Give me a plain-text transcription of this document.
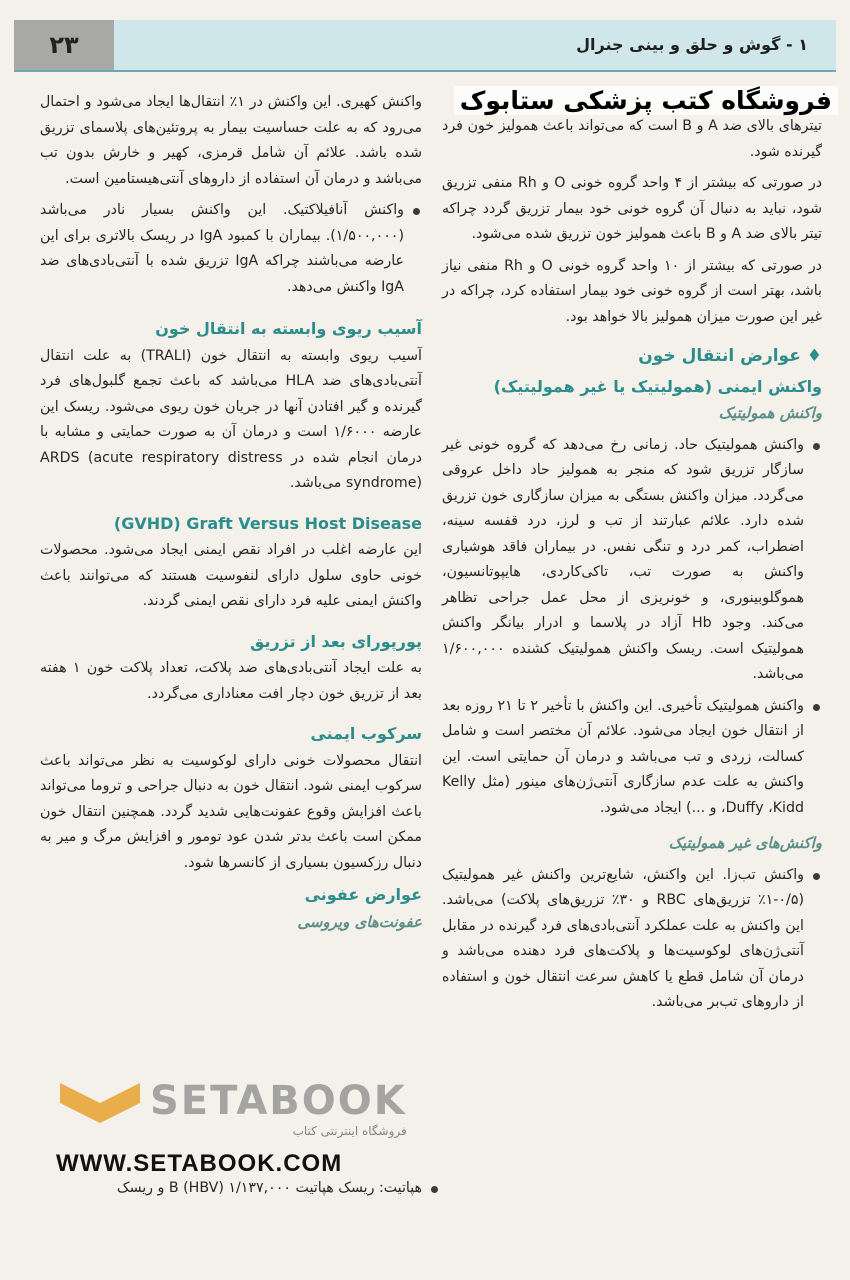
۲۳	۱ - گوش و حلق و بینی جنرال
فروشگاه کتب پزشکی ستابوک

تیترهای بالای ضد A و B است که می‌تواند باعث همولیز خون فرد گیرنده شود.

در صورتی که بیشتر از ۴ واحد گروه خونی O و Rh منفی تزریق شود، نباید به دنبال آن گروه خونی خود بیمار تزریق گردد چراکه تیتر بالای ضد A و B باعث همولیز خون تزریق شده می‌شود.

در صورتی که بیشتر از ۱۰ واحد گروه خونی O و Rh منفی نیاز باشد، بهتر است از گروه خونی خود بیمار استفاده کرد، چراکه در غیر این صورت میزان همولیز بالا خواهد بود.

♦ عوارض انتقال خون
واکنش ایمنی (همولیتیک یا غیر همولیتیک)
واکنش همولیتیک

واکنش همولیتیک حاد. زمانی رخ می‌دهد که گروه خونی غیر سازگار تزریق شود که منجر به همولیز حاد داخل عروقی می‌گردد. میزان واکنش بستگی به میزان سازگاری خون تزریق شده دارد. علائم عبارتند از تب و لرز، درد قفسه سینه، اضطراب، کمر درد و تنگی نفس. در بیماران فاقد هوشیاری واکنش به صورت تب، تاکی‌کاردی، هایپوتانسیون، هموگلوبینوری، و خونریزی از محل عمل جراحی تظاهر می‌کند. وجود Hb آزاد در پلاسما و ادرار بیانگر واکنش همولیتیک است. ریسک واکنش همولیتیک کشنده ۱/۶۰۰,۰۰۰ می‌باشد.

واکنش همولیتیک تأخیری. این واکنش با تأخیر ۲ تا ۲۱ روزه بعد از انتقال خون ایجاد می‌شود. علائم آن مختصر است و شامل کسالت، زردی و تب می‌باشد و درمان آن حمایتی است. این واکنش به علت عدم سازگاری آنتی‌ژن‌های مینور (مثل Kelly ،Duffy ،Kidd و ...) ایجاد می‌شود.

واکنش‌های غیر همولیتیک

واکنش تب‌زا. این واکنش، شایع‌ترین واکنش غیر همولیتیک (۰/۵-۱٪ تزریق‌های RBC و ۳۰٪ تزریق‌های پلاکت) می‌باشد. این واکنش به علت عملکرد آنتی‌بادی‌های فرد گیرنده در مقابل آنتی‌ژن‌های لوکوسیت‌ها و پلاکت‌های فرد دهنده می‌باشد و درمان آن شامل قطع یا کاهش سرعت انتقال خون و استفاده از داروهای تب‌بر می‌باشد.

واکنش کهیری. این واکنش در ۱٪ انتقال‌ها ایجاد می‌شود و احتمال می‌رود که به علت حساسیت بیمار به پروتئین‌های پلاسمای تزریق شده باشد. علائم آن شامل قرمزی، کهیر و خارش بدون تب می‌باشد و درمان آن استفاده از داروهای آنتی‌هیستامین است.

واکنش آنافیلاکتیک. این واکنش بسیار نادر می‌باشد (۱/۵۰۰,۰۰۰). بیماران با کمبود IgA در ریسک بالاتری برای این عارضه می‌باشند چراکه IgA تزریق شده با آنتی‌بادی‌های ضد IgA واکنش می‌دهد.

آسیب ریوی وابسته به انتقال خون

آسیب ریوی وابسته به انتقال خون (TRALI) به علت انتقال آنتی‌بادی‌های ضد HLA می‌باشد که باعث تجمع گلبول‌های فرد گیرنده و گیر افتادن آنها در جریان خون ریوی می‌شود. ریسک این عارضه ۱/۶۰۰۰ است و درمان آن به صورت حمایتی و مشابه با درمان انجام شده در ARDS (acute respiratory distress syndrome) می‌باشد.

(GVHD) Graft Versus Host Disease

این عارضه اغلب در افراد نقص ایمنی ایجاد می‌شود. محصولات خونی حاوی سلول دارای لنفوسیت هستند که می‌توانند باعث واکنش ایمنی علیه فرد دارای نقص ایمنی گردند.

پورپورای بعد از تزریق

به علت ایجاد آنتی‌بادی‌های ضد پلاکت، تعداد پلاکت خون ۱ هفته بعد از تزریق خون دچار افت معناداری می‌گردد.

سرکوب ایمنی

انتقال محصولات خونی دارای لوکوسیت به نظر می‌تواند باعث سرکوب ایمنی شود. انتقال خون به دنبال جراحی و تروما می‌تواند باعث افزایش وقوع عفونت‌هایی شدید گردد. همچنین انتقال خون ممکن است باعث بدتر شدن عود تومور و افزایش مرگ و میر به دنبال رزکسیون بسیاری از کانسرها شود.

عوارض عفونی
عفونت‌های ویروسی
SETABOOK
فروشگاه اینترنتی کتاب
WWW.SETABOOK.COM
هپاتیت: ریسک هپاتیت B (HBV) ۱/۱۳۷,۰۰۰ و ریسک
